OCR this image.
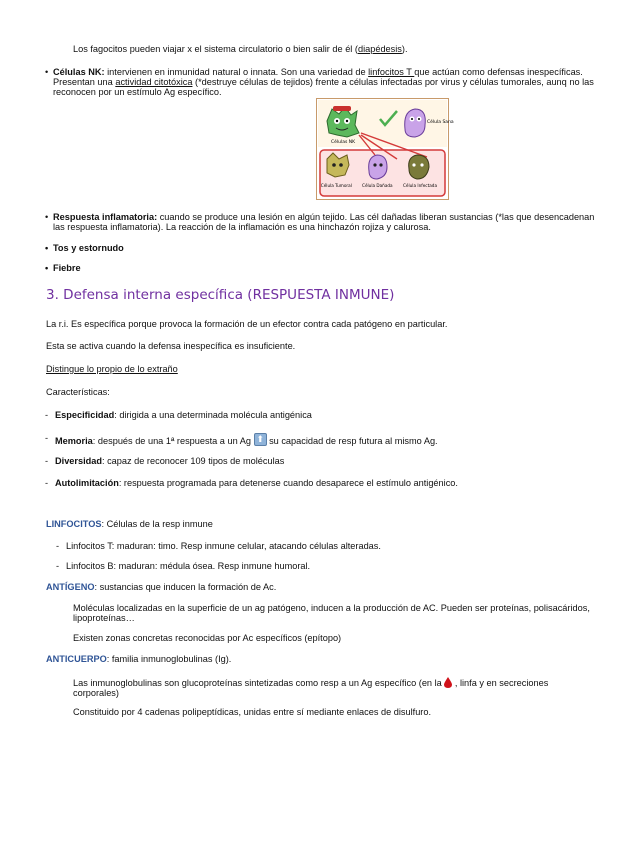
Los fagocitos pueden viajar x el sistema circulatorio o bien salir de él (diapédesis).
• Células NK: intervienen en inmunidad natural o innata. Son una variedad de linfocitos T que actúan como defensas inespecíficas.
Presentan una actividad citotóxica (*destruye células de tejidos) frente a células infectadas por virus y células tumorales, aunq no las
reconocen por un estímulo Ag específico.
Células NK
Célula Sana
Célula Tumoral Célula Dañada Célula Infectada
• Respuesta inflamatoria: cuando se produce una lesión en algún tejido. Las cél dañadas liberan sustancias (*las que desencadenan
las respuesta inflamatoria). La reacción de la inflamación es una hinchazón rojiza y calurosa.
• Tos y estornudo
• Fiebre
3. Defensa interna específica (RESPUESTA INMUNE)
La r.i. Es específica porque provoca la formación de un efector contra cada patógeno en particular.
Esta se activa cuando la defensa inespecífica es insuficiente.
Distingue lo propio de lo extraño
Características:
- Especificidad: dirigida a una determinada molécula antigénica
- Memoria: después de una 1ª respuesta a un Ag ⬆ su capacidad de resp futura al mismo Ag.
- Diversidad: capaz de reconocer 109 tipos de moléculas
- Autolimitación: respuesta programada para detenerse cuando desaparece el estímulo antigénico.
LINFOCITOS: Células de la resp inmune
- Linfocitos T: maduran: timo. Resp inmune celular, atacando células alteradas.
- Linfocitos B: maduran: médula ósea. Resp inmune humoral.
ANTÍGENO: sustancias que inducen la formación de Ac.
Moléculas localizadas en la superficie de un ag patógeno, inducen a la producción de AC. Pueden ser proteínas, polisacáridos,
lipoproteínas…
Existen zonas concretas reconocidas por Ac específicos (epítopo)
ANTICUERPO: familia inmunoglobulinas (Ig).
Las inmunoglobulinas son glucoproteínas sintetizadas como resp a un Ag específico (en la  , linfa y en secreciones
corporales)
Constituido por 4 cadenas polipeptídicas, unidas entre sí mediante enlaces de disulfuro.
